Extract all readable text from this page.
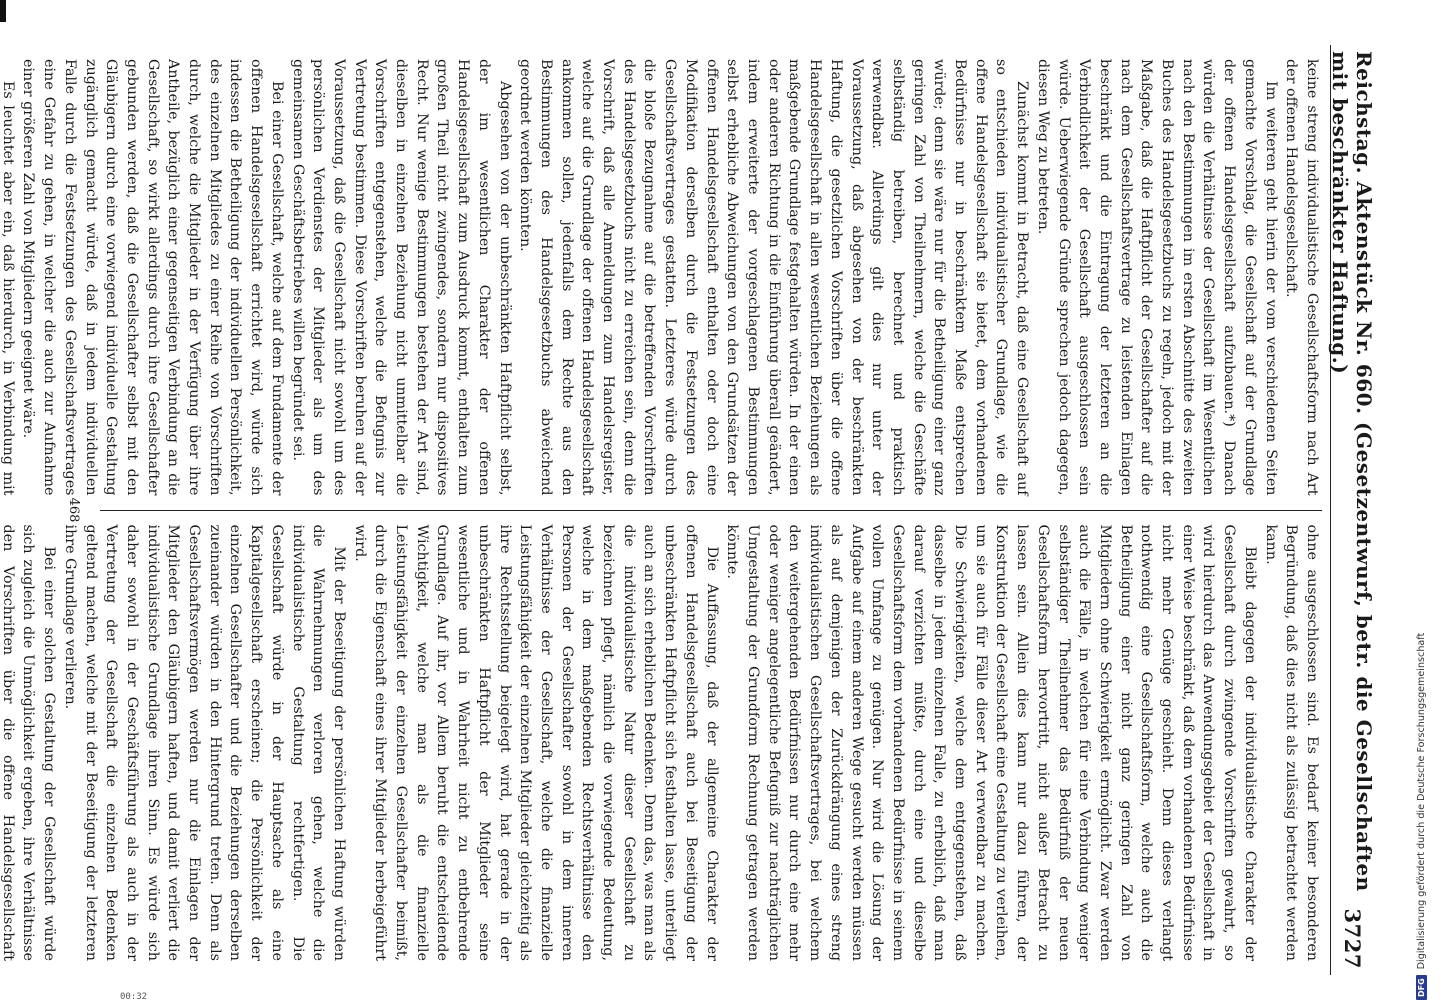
Reichstag. Aktenstück Nr. 660. (Gesetzentwurf, betr. die Gesellschaften mit beschränkter Haftung.)
3727

keine streng individualistische Gesellschaftsform nach Art der offenen Handelsgesellschaft.

Im weiteren geht hierin der vom verschiedenen Seiten gemachte Vorschlag, die Gesellschaft auf der Grundlage der offenen Handelsgesellschaft aufzubauen.*) Danach würden die Verhältnisse der Gesellschaft im Wesentlichen nach den Bestimmungen im ersten Abschnitte des zweiten Buches des Handelsgesetzbuchs zu regeln, jedoch mit der Maßgabe, daß die Haftpflicht der Gesellschafter auf die nach dem Gesellschaftsvertrage zu leistenden Einlagen beschränkt und die Eintragung der letzteren an die Verbindlichkeit der Gesellschaft ausgeschlossen sein würde. Ueberwiegende Gründe sprechen jedoch dagegen, diesen Weg zu betreten.

Zunächst kommt in Betracht, daß eine Gesellschaft auf so entschieden individualistischer Grundlage, wie die offene Handelsgesellschaft sie bietet, dem vorhandenen Bedürfnisse nur in beschränktem Maße entsprechen würde; denn sie wäre nur für die Betheiligung einer ganz geringen Zahl von Theilnehmern, welche die Geschäfte selbständig betreiben, berechnet und praktisch verwendbar. Allerdings gilt dies nur unter der Voraussetzung, daß abgesehen von der beschränkten Haftung, die gesetzlichen Vorschriften über die offene Handelsgesellschaft in allen wesentlichen Beziehungen als maßgebende Grundlage festgehalten würden. In der einen oder anderen Richtung in die Einführung überall geändert, indem erweiterte der vorgeschlagenen Bestimmungen selbst erhebliche Abweichungen von den Grundsätzen der offenen Handelsgesellschaft enthalten oder doch eine Modifikation derselben durch die Festsetzungen des Gesellschaftsvertrages gestatten. Letzteres würde durch die bloße Bezugnahme auf die betreffenden Vorschriften des Handelsgesetzbuchs nicht zu erreichen sein, denn die Vorschrift, daß alle Anmeldungen zum Handelsregister, welche auf die Grundlage der offenen Handelsgesellschaft ankommen sollen, jedenfalls dem Rechte aus den Bestimmungen des Handelsgesetzbuchs abweichend geordnet werden könnten.

Abgesehen von der unbeschränkten Haftpflicht selbst, der im wesentlichen Charakter der offenen Handelsgesellschaft zum Ausdruck kommt, enthalten zum großen Theil nicht zwingendes, sondern nur dispositives Recht. Nur wenige Bestimmungen bestehen der Art sind, dieselben in einzelnen Beziehung nicht unmittelbar die Vorschriften entgegenstehen, welche die Befugnis zur Vertretung bestimmen. Diese Vorschriften beruhen auf der Voraussetzung, daß die Gesellschaft nicht sowohl um des persönlichen Verdienstes der Mitglieder als um des gemeinsamen Geschäftsbetriebes willen begründet sei.

Bei einer Gesellschaft, welche auf dem Fundamente der offenen Handelsgesellschaft errichtet wird, würde sich indessen die Betheiligung der individuellen Persönlichkeit, des einzelnen Mitgliedes zu einer Reihe von Vorschriften durch, welche die Mitglieder in der Verfügung über ihre Antheile, bezüglich einer gegenseitigen Verbindung an die Gesellschaft, so wirkt allerdings durch ihre Gesellschafter gebunden werden, daß die Gesellschafter selbst mit den Gläubigern durch eine vorwiegend individuelle Gestaltung zugänglich gemacht würde, daß in jedem individuellen Falle durch die Festsetzungen des Gesellschaftsvertrages eine Gefahr zu gehen, in welcher die auch zur Aufnahme einer größeren Zahl von Mitgliedern geeignet wäre.

Es leuchtet aber ein, daß hierdurch, in Verbindung mit

ohne ausgeschlossen sind. Es bedarf keiner besonderen Begründung, daß dies nicht als zulässig betrachtet werden kann.

Bleibt dagegen der individualistische Charakter der Gesellschaft durch zwingende Vorschriften gewahrt, so wird hierdurch das Anwendungsgebiet der Gesellschaft in einer Weise beschränkt, daß dem vorhandenen Bedürfnisse nicht mehr Genüge geschieht. Denn dieses verlangt nothwendig eine Gesellschaftsform, welche auch die Betheiligung einer nicht ganz geringen Zahl von Mitgliedern ohne Schwierigkeit ermöglicht. Zwar werden auch die Fälle, in welchen für eine Verbindung weniger selbständiger Theilnehmer das Bedürfniß der neuen Gesellschaftsform hervortritt, nicht außer Betracht zu lassen sein. Allein dies kann nur dazu führen, der Konstruktion der Gesellschaft eine Gestaltung zu verleihen, um sie auch für Fälle dieser Art verwendbar zu machen. Die Schwierigkeiten, welche dem entgegenstehen, daß dasselbe in jedem einzelnen Falle, zu erheblich, daß man darauf verzichten müßte, durch eine und dieselbe Gesellschaftsform dem vorhandenen Bedürfnisse in seinem vollen Umfange zu genügen. Nur wird die Lösung der Aufgabe auf einem anderen Wege gesucht werden müssen als auf demjenigen der Zurückdrängung eines streng individualistischen Gesellschaftsvertrages, bei welchem den weitergehenden Bedürfnissen nur durch eine mehr oder weniger angelegentliche Befugniß zur nachträglichen Umgestaltung der Grundform Rechnung getragen werden könnte.

Die Auffassung, daß der allgemeine Charakter der offenen Handelsgesellschaft auch bei Beseitigung der unbeschränkten Haftpflicht sich festhalten lasse, unterliegt auch an sich erheblichen Bedenken. Denn das, was man als die individualistische Natur dieser Gesellschaft zu bezeichnen pflegt, nämlich die vorwiegende Bedeutung, welche in dem maßgebenden Rechtsverhältnisse den Personen der Gesellschafter sowohl in dem inneren Verhältnisse der Gesellschaft, welche die finanzielle Leistungsfähigkeit der einzelnen Mitglieder gleichzeitig als ihre Rechtsstellung beigelegt wird, hat gerade in der unbeschränkten Haftpflicht der Mitglieder seine wesentliche und in Wahrheit nicht zu entbehrende Grundlage. Auf ihr, vor Allem beruht die entscheidende Wichtigkeit, welche man als die finanzielle Leistungsfähigkeit der einzelnen Gesellschafter beimißt, durch die Eigenschaft eines ihrer Mitglieder herbeigeführt wird.

Mit der Beseitigung der persönlichen Haftung würden die Wahrnehmungen verloren gehen, welche die individualistische Gestaltung rechtfertigen. Die Gesellschaft würde in der Hauptsache als eine Kapitalgesellschaft erscheinen; die Persönlichkeit der einzelnen Gesellschafter und die Beziehungen derselben zueinander würden in den Hintergrund treten. Denn als Gesellschaftsvermögen werden nur die Einlagen der Mitglieder den Gläubigern haften, und damit verliert die individualistische Grundlage ihren Sinn. Es würde sich daher sowohl in der Geschäftsführung als auch in der Vertretung der Gesellschaft die einzelnen Bedenken geltend machen, welche mit der Beseitigung der letzteren ihre Grundlage verlieren.

Bei einer solchen Gestaltung der Gesellschaft würde sich zugleich die Unmöglichkeit ergeben, ihre Verhältnisse den Vorschriften über die offene Handelsgesellschaft

468
DFG
Digitalisierung gefördert durch die Deutsche Forschungsgemeinschaft
00:32
